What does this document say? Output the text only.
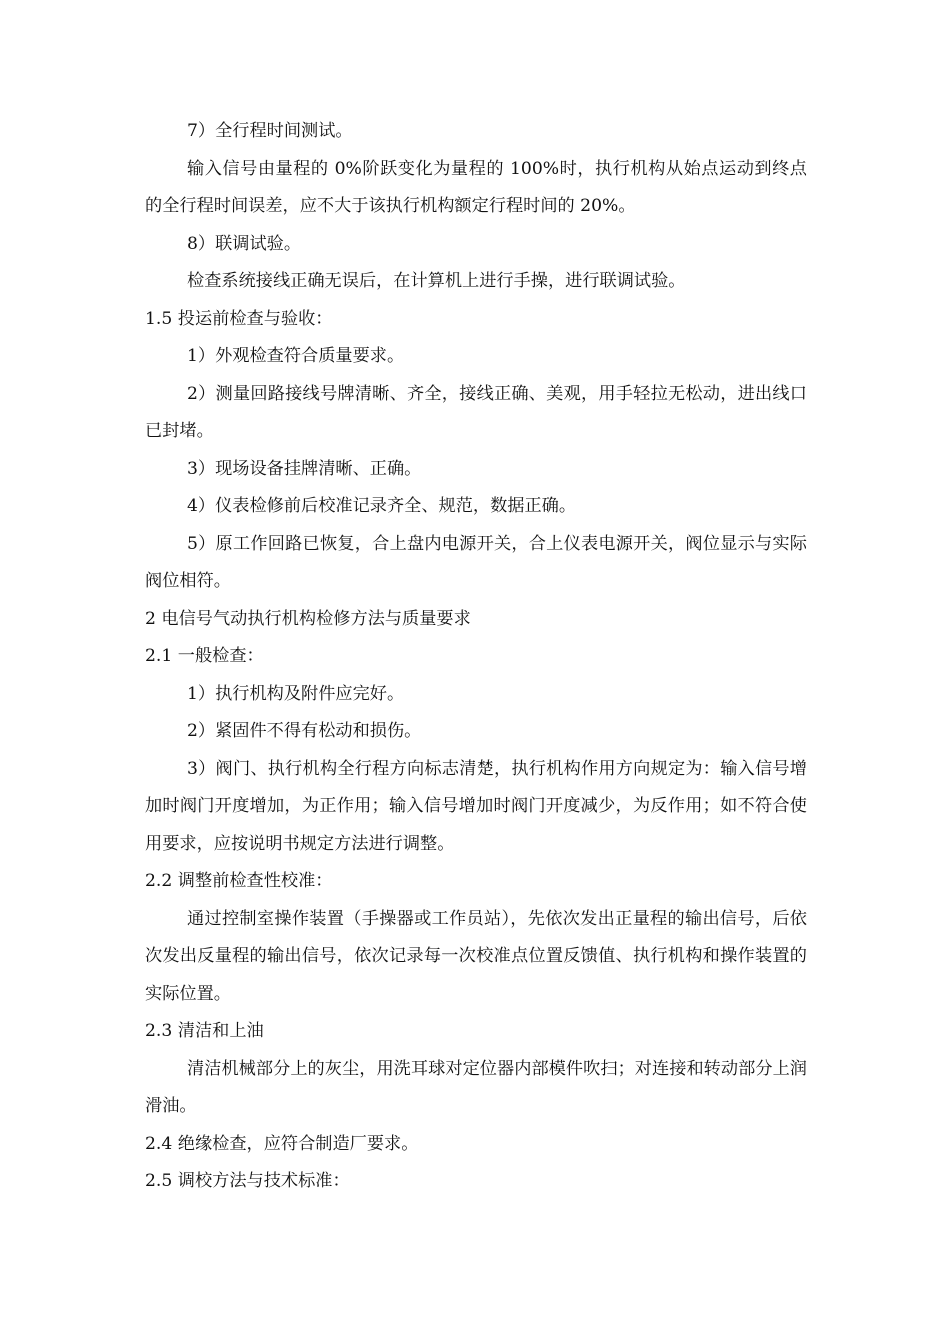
7）全行程时间测试。

输入信号由量程的 0%阶跃变化为量程的 100%时，执行机构从始点运动到终点的全行程时间误差，应不大于该执行机构额定行程时间的 20%。

8）联调试验。

检查系统接线正确无误后，在计算机上进行手操，进行联调试验。

1.5 投运前检查与验收：

1）外观检查符合质量要求。

2）测量回路接线号牌清晰、齐全，接线正确、美观，用手轻拉无松动，进出线口已封堵。

3）现场设备挂牌清晰、正确。

4）仪表检修前后校准记录齐全、规范，数据正确。

5）原工作回路已恢复，合上盘内电源开关，合上仪表电源开关，阀位显示与实际阀位相符。

2 电信号气动执行机构检修方法与质量要求

2.1 一般检查：

1）执行机构及附件应完好。

2）紧固件不得有松动和损伤。

3）阀门、执行机构全行程方向标志清楚，执行机构作用方向规定为：输入信号增加时阀门开度增加，为正作用；输入信号增加时阀门开度减少，为反作用；如不符合使用要求，应按说明书规定方法进行调整。

2.2 调整前检查性校准：

通过控制室操作装置（手操器或工作员站），先依次发出正量程的输出信号，后依次发出反量程的输出信号，依次记录每一次校准点位置反馈值、执行机构和操作装置的实际位置。

2.3 清洁和上油

清洁机械部分上的灰尘，用洗耳球对定位器内部模件吹扫；对连接和转动部分上润滑油。

2.4 绝缘检查，应符合制造厂要求。

2.5 调校方法与技术标准：
